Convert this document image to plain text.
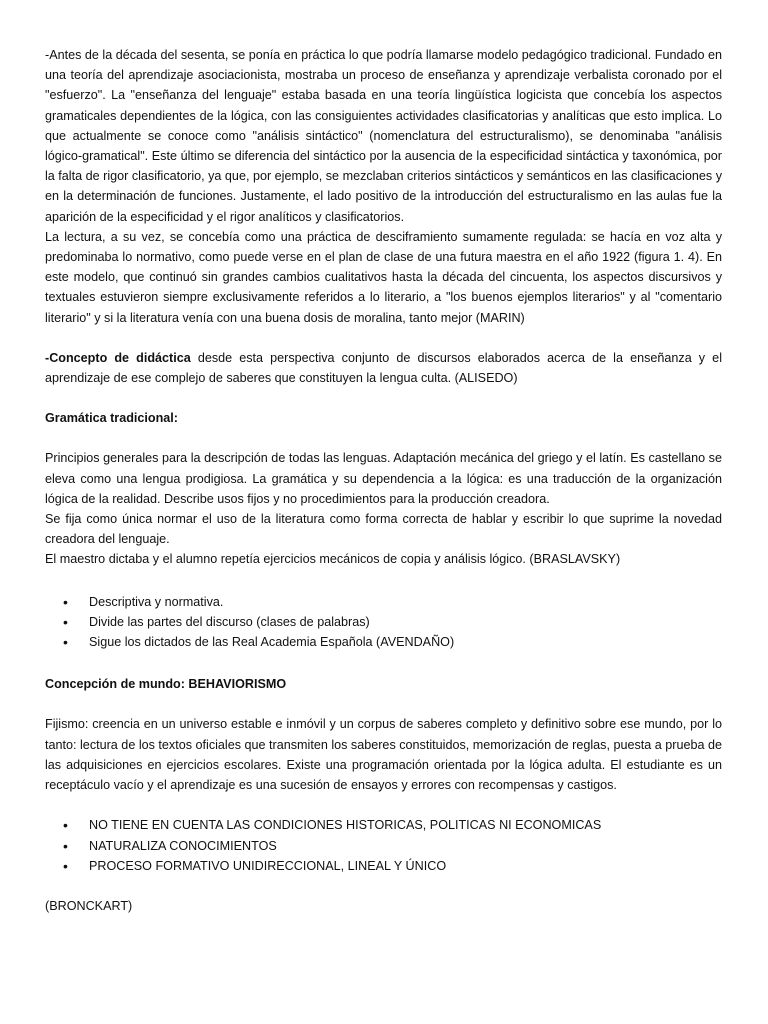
-Antes de la década del sesenta, se ponía en práctica lo que podría llamarse modelo pedagógico tradicional. Fundado en una teoría del aprendizaje asociacionista, mostraba un proceso de enseñanza y aprendizaje verbalista coronado por el "esfuerzo". La "enseñanza del lenguaje" estaba basada en una teoría lingüística logicista que concebía los aspectos gramaticales dependientes de la lógica, con las consiguientes actividades clasificatorias y analíticas que esto implica. Lo que actualmente se conoce como "análisis sintáctico" (nomenclatura del estructuralismo), se denominaba "análisis lógico-gramatical". Este último se diferencia del sintáctico por la ausencia de la especificidad sintáctica y taxonómica, por la falta de rigor clasificatorio, ya que, por ejemplo, se mezclaban criterios sintácticos y semánticos en las clasificaciones y en la determinación de funciones. Justamente, el lado positivo de la introducción del estructuralismo en las aulas fue la aparición de la especificidad y el rigor analíticos y clasificatorios.

La lectura, a su vez, se concebía como una práctica de desciframiento sumamente regulada: se hacía en voz alta y predominaba lo normativo, como puede verse en el plan de clase de una futura maestra en el año 1922 (figura 1. 4). En este modelo, que continuó sin grandes cambios cualitativos hasta la década del cincuenta, los aspectos discursivos y textuales estuvieron siempre exclusivamente referidos a lo literario, a "los buenos ejemplos literarios" y al "comentario literario" y si la literatura venía con una buena dosis de moralina, tanto mejor (MARIN)

-Concepto de didáctica desde esta perspectiva conjunto de discursos elaborados acerca de la enseñanza y el aprendizaje de ese complejo de saberes que constituyen la lengua culta. (ALISEDO)

Gramática tradicional:

Principios generales para la descripción de todas las lenguas. Adaptación mecánica del griego y el latín. Es castellano se eleva como una lengua prodigiosa. La gramática y su dependencia a la lógica: es una traducción de la organización lógica de la realidad. Describe usos fijos y no procedimientos para la producción creadora.

Se fija como única normar el uso de la literatura como forma correcta de hablar y escribir lo que suprime la novedad creadora del lenguaje.

El maestro dictaba y el alumno repetía ejercicios mecánicos de copia y análisis lógico. (BRASLAVSKY)

• Descriptiva y normativa.
• Divide las partes del discurso (clases de palabras)
• Sigue los dictados de las Real Academia Española (AVENDAÑO)

Concepción de mundo: BEHAVIORISMO

Fijismo: creencia en un universo estable e inmóvil y un corpus de saberes completo y definitivo sobre ese mundo, por lo tanto: lectura de los textos oficiales que transmiten los saberes constituidos, memorización de reglas, puesta a prueba de las adquisiciones en ejercicios escolares. Existe una programación orientada por la lógica adulta. El estudiante es un receptáculo vacío y el aprendizaje es una sucesión de ensayos y errores con recompensas y castigos.

• NO TIENE EN CUENTA LAS CONDICIONES HISTORICAS, POLITICAS NI ECONOMICAS
• NATURALIZA CONOCIMIENTOS
• PROCESO FORMATIVO UNIDIRECCIONAL, LINEAL Y ÚNICO

(BRONCKART)
